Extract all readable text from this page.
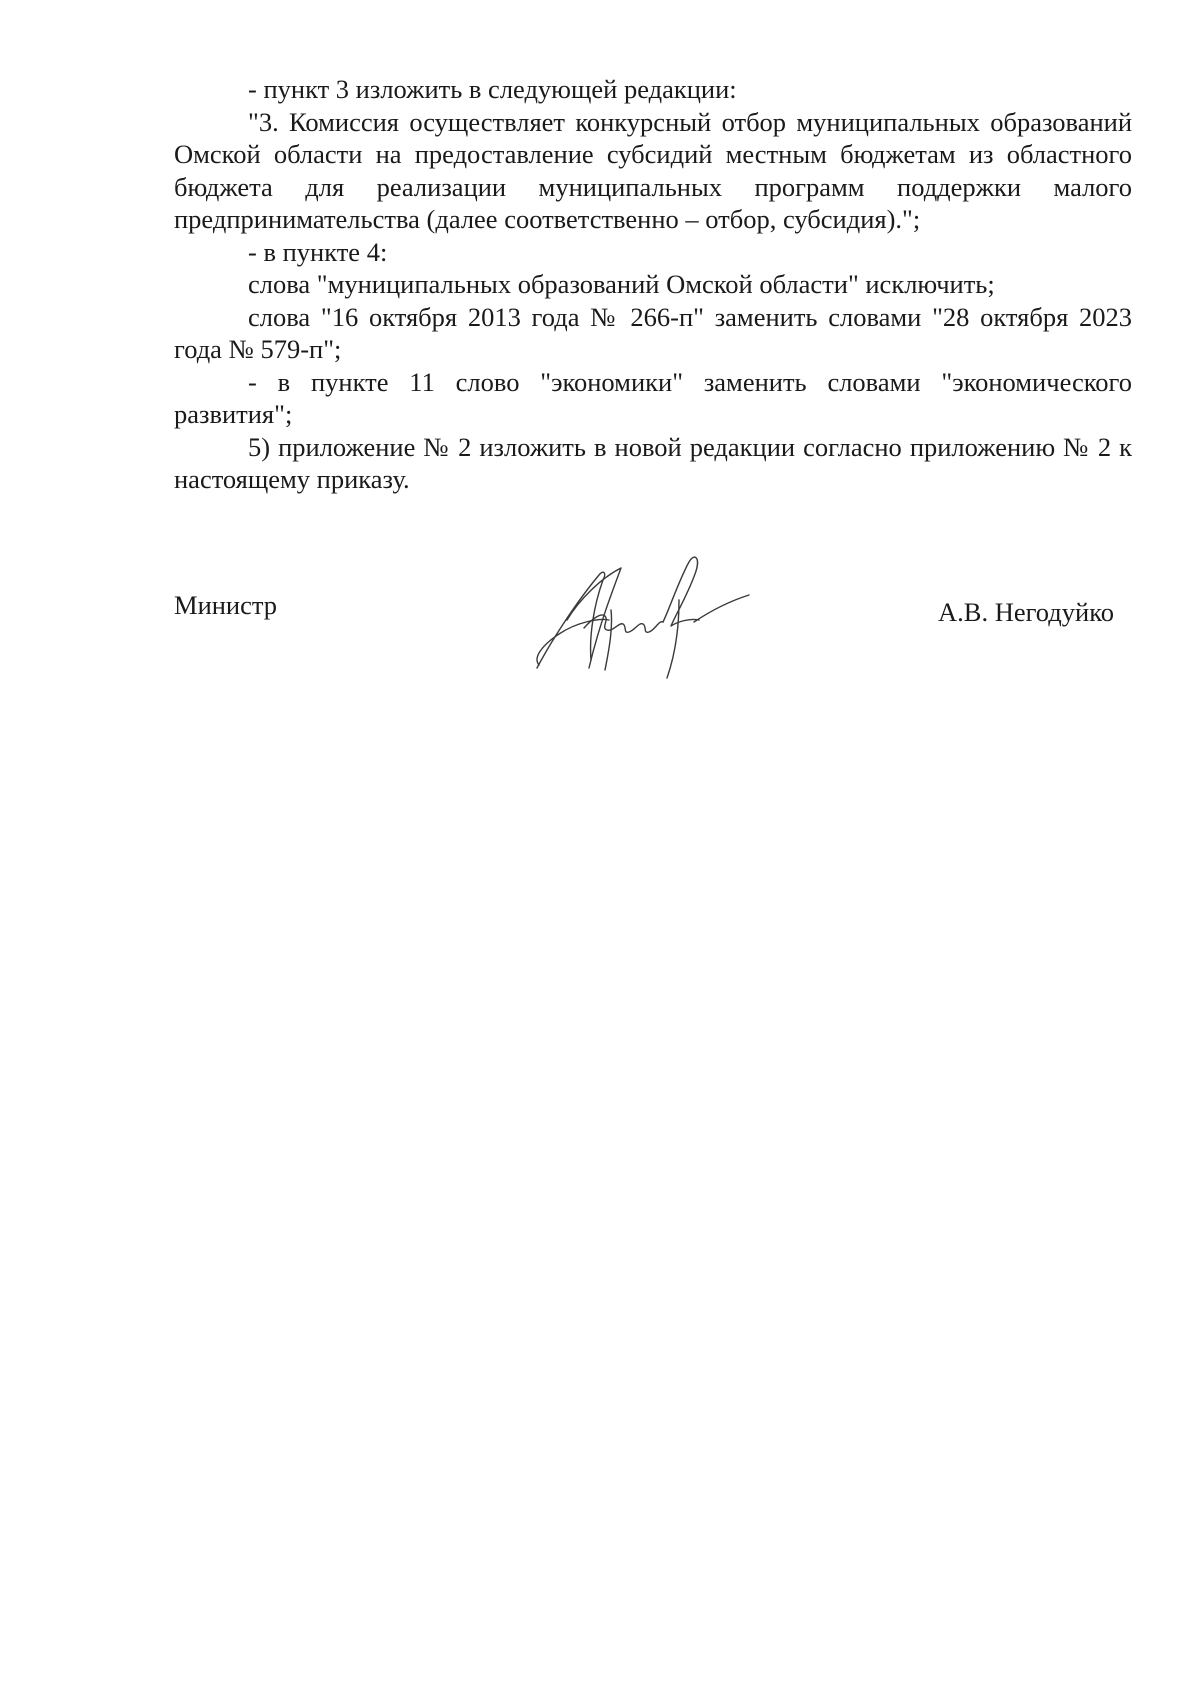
- пункт 3 изложить в следующей редакции:

"3. Комиссия осуществляет конкурсный отбор муниципальных образований Омской области на предоставление субсидий местным бюджетам из областного бюджета для реализации муниципальных программ поддержки малого предпринимательства (далее соответственно – отбор, субсидия).";

- в пункте 4:

слова "муниципальных образований Омской области" исключить;

слова "16 октября 2013 года № 266-п" заменить словами "28 октября 2023 года № 579-п";

- в пункте 11 слово "экономики" заменить словами "экономического развития";

5) приложение № 2 изложить в новой редакции согласно приложению № 2 к настоящему приказу.

Министр	А.В. Негодуйко
